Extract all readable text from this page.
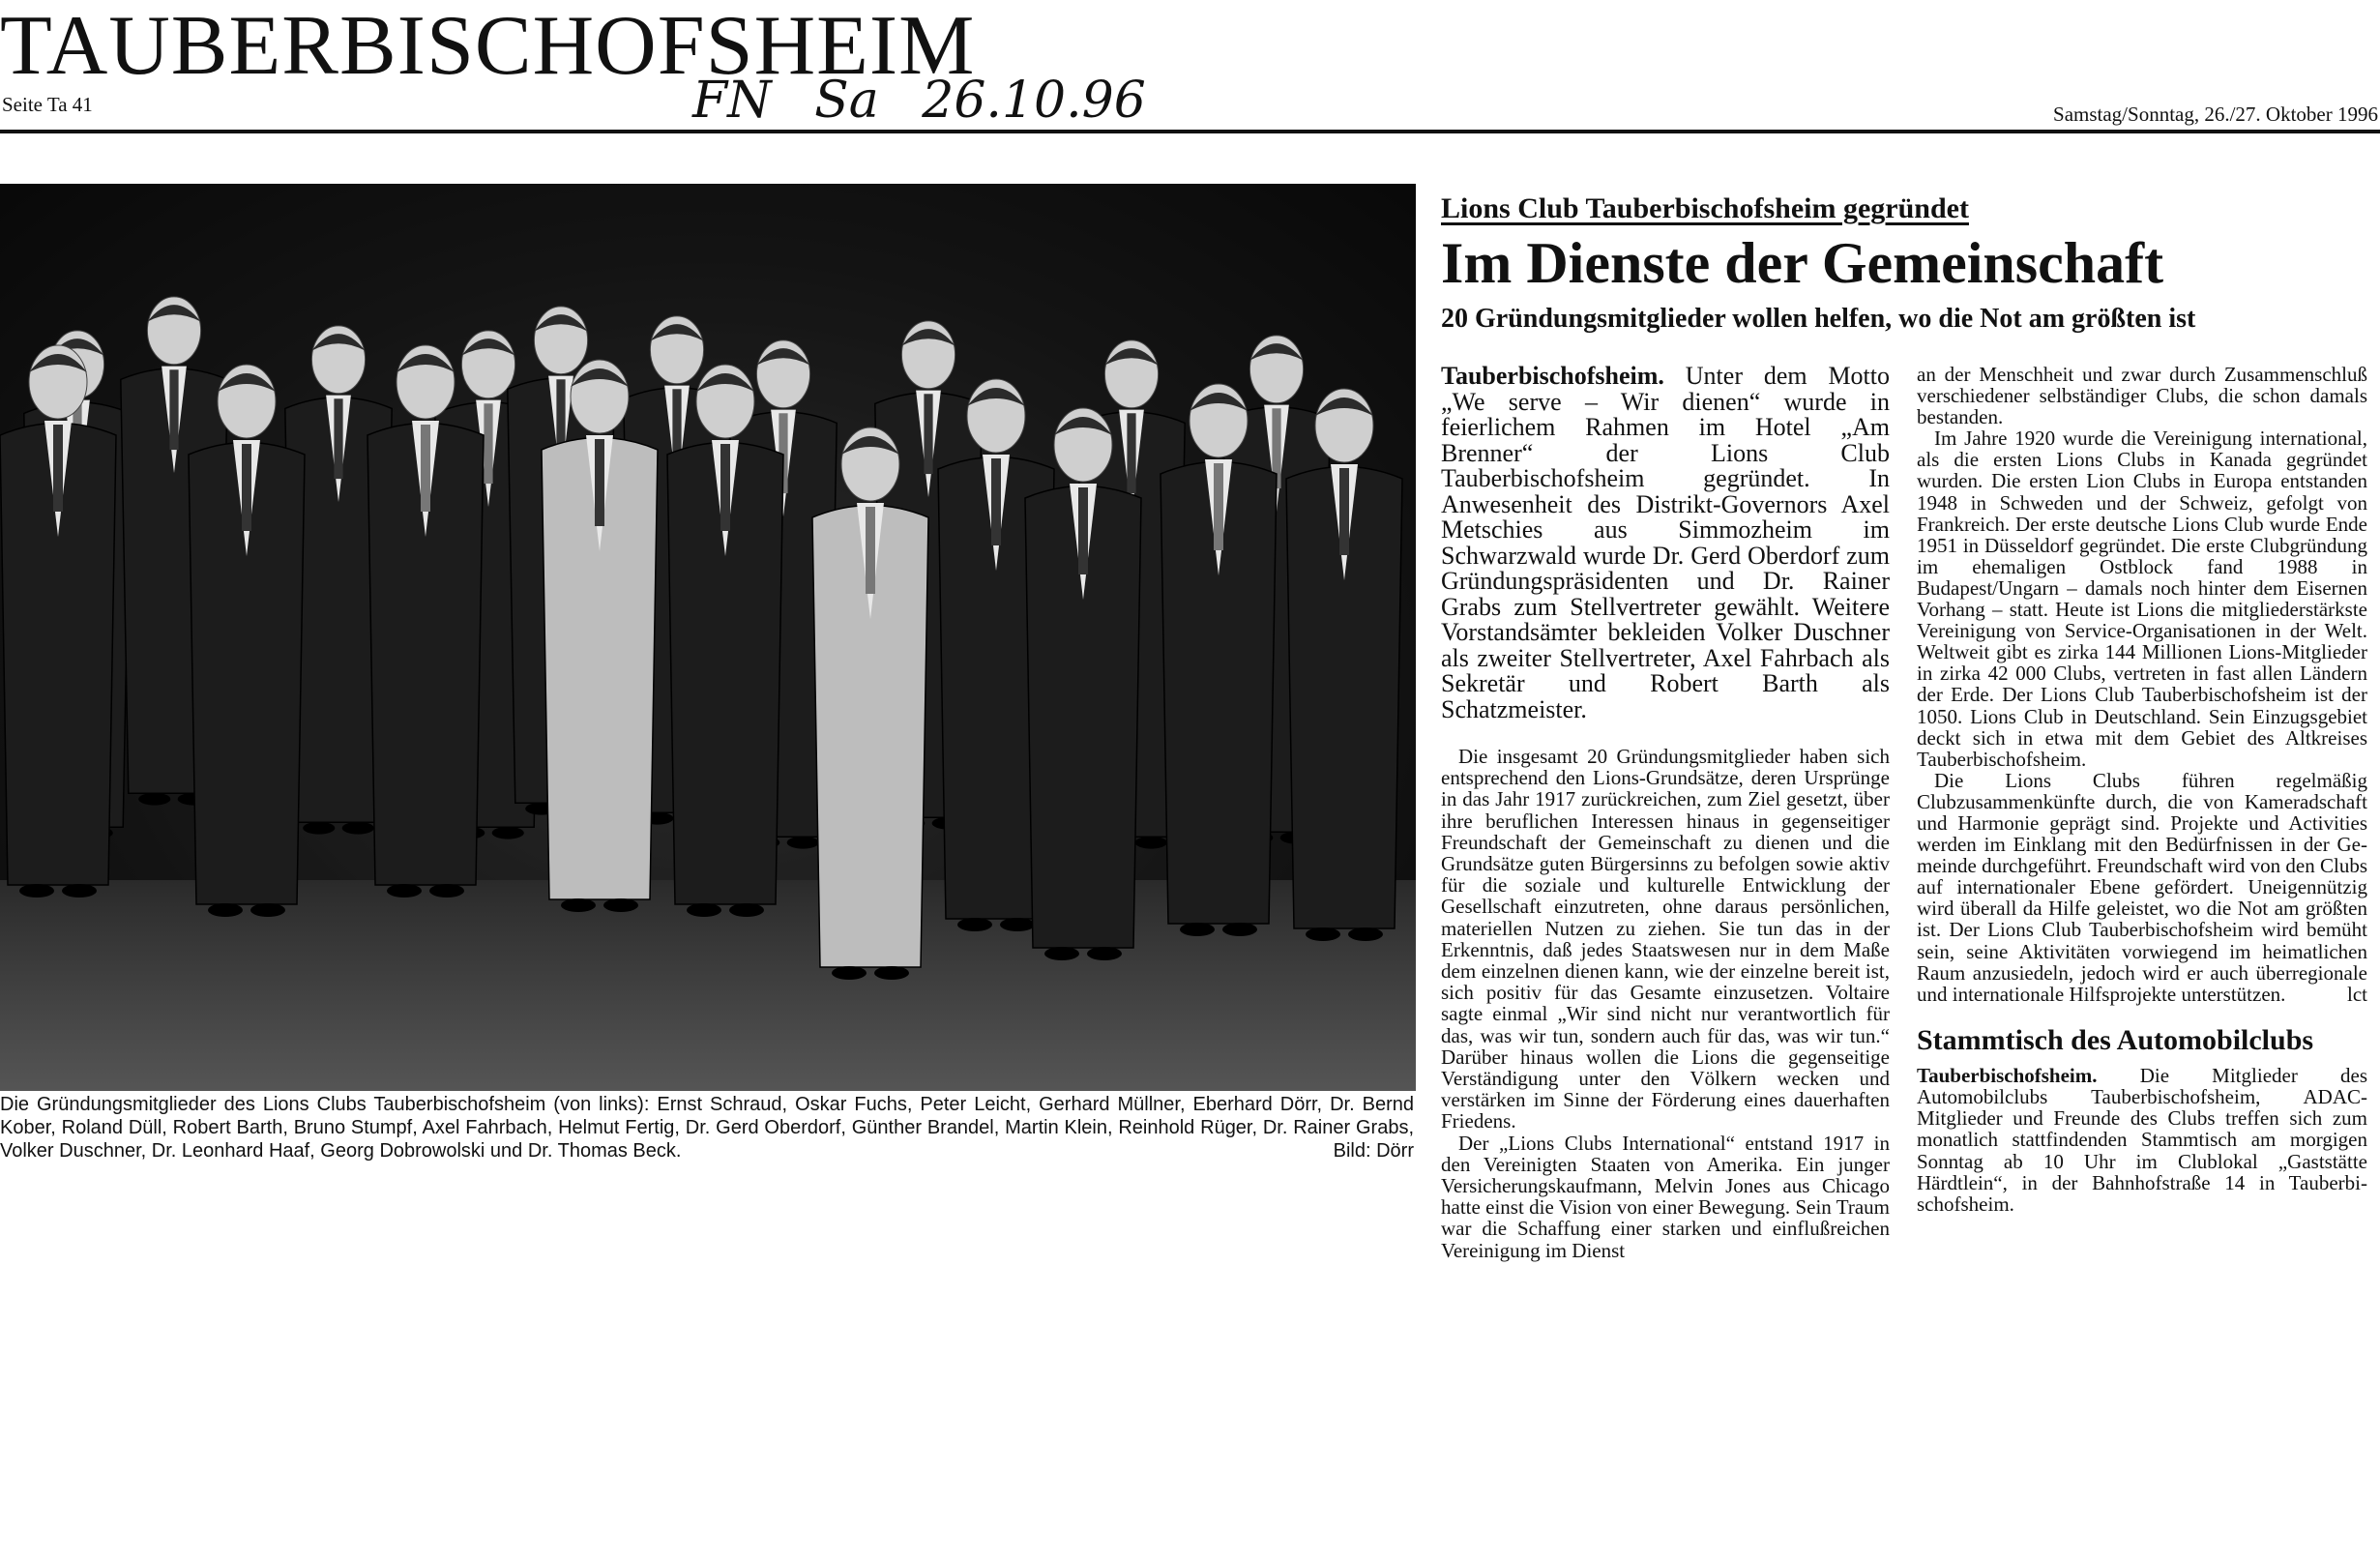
TAUBERBISCHOFSHEIM
Seite Ta 41	FN Sa 26.10.96	Samstag/Sonntag, 26./27. Oktober 1996
Die Gründungsmitglieder des Lions Clubs Tauberbischofsheim (von links): Ernst Schraud, Oskar Fuchs, Peter Leicht, Gerhard Müllner, Eberhard Dörr, Dr. Bernd Kober, Roland Düll, Robert Barth, Bruno Stumpf, Axel Fahrbach, Helmut Fertig, Dr. Gerd Oberdorf, Günther Brandel, Martin Klein, Reinhold Rüger, Dr. Rainer Grabs, Volker Duschner, Dr. Leonhard Haaf, Georg Dobrowolski und Dr. Thomas Beck.	Bild: Dörr
Lions Club Tauberbischofsheim gegründet
Im Dienste der Gemeinschaft
20 Gründungsmitglieder wollen helfen, wo die Not am größten ist

Tauberbischofsheim. Unter dem Motto „We serve – Wir dienen“ wurde in feierlichem Rahmen im Hotel „Am Brenner“ der Lions Club Tauberbischofsheim gegründet. In Anwesenheit des Distrikt-Governors Axel Metschies aus Simmozheim im Schwarzwald wurde Dr. Gerd Oberdorf zum Gründungspräsidenten und Dr. Rainer Grabs zum Stellvertreter gewählt. Weitere Vorstandsämter bekleiden Volker Duschner als zweiter Stellvertreter, Axel Fahrbach als Sekretär und Robert Barth als Schatzmeister.

Die insgesamt 20 Gründungsmitglieder haben sich entsprechend den Lions-Grundsätze, deren Ursprünge in das Jahr 1917 zurückreichen, zum Ziel gesetzt, über ihre beruflichen Interessen hinaus in gegenseitiger Freundschaft der Gemeinschaft zu dienen und die Grundsätze guten Bürgersinns zu befolgen sowie aktiv für die soziale und kulturelle Entwicklung der Gesellschaft einzutreten, ohne daraus persönlichen, materiellen Nutzen zu ziehen. Sie tun das in der Erkenntnis, daß jedes Staatswesen nur in dem Maße dem einzelnen dienen kann, wie der einzelne bereit ist, sich positiv für das Gesamte einzusetzen. Voltaire sagte einmal „Wir sind nicht nur verantwortlich für das, was wir tun, sondern auch für das, was wir tun.“ Darüber hinaus wollen die Lions die gegenseitige Verständigung unter den Völkern wecken und verstärken im Sinne der Förderung eines dauerhaften Friedens.

Der „Lions Clubs International“ entstand 1917 in den Vereinigten Staaten von Amerika. Ein junger Versicherungskaufmann, Melvin Jones aus Chicago hatte einst die Vision von einer Bewegung. Sein Traum war die Schaffung einer starken und einflußreichen Vereinigung im Dienst

an der Menschheit und zwar durch Zusammenschluß verschiedener selbständiger Clubs, die schon damals bestanden.

Im Jahre 1920 wurde die Vereinigung international, als die ersten Lions Clubs in Kanada gegründet wurden. Die ersten Lion Clubs in Europa entstanden 1948 in Schweden und der Schweiz, gefolgt von Frankreich. Der erste deutsche Lions Club wurde Ende 1951 in Düsseldorf gegründet. Die erste Clubgründung im ehemaligen Ostblock fand 1988 in Budapest/Ungarn – damals noch hinter dem Eisernen Vorhang – statt. Heute ist Lions die mitgliederstärkste Vereinigung von Service-Organisationen in der Welt. Weltweit gibt es zirka 144 Millionen Lions-Mitglieder in zirka 42 000 Clubs, vertreten in fast allen Ländern der Erde. Der Lions Club Tauberbischofsheim ist der 1050. Lions Club in Deutschland. Sein Einzugsgebiet deckt sich in etwa mit dem Gebiet des Altkreises Tauberbischofsheim.

Die Lions Clubs führen regelmäßig Clubzusammenkünfte durch, die von Kameradschaft und Harmonie geprägt sind. Projekte und Activities werden im Einklang mit den Bedürfnissen in der Gemeinde durchgeführt. Freundschaft wird von den Clubs auf internationaler Ebene gefördert. Uneigennützig wird überall da Hilfe geleistet, wo die Not am größten ist. Der Lions Club Tauberbischofsheim wird bemüht sein, seine Aktivitäten vorwiegend im heimatlichen Raum anzusiedeln, jedoch wird er auch überregionale und internationale Hilfsprojekte unterstützen.	lct

Stammtisch des Automobilclubs

Tauberbischofsheim. Die Mitglieder des Automobilclubs Tauberbischofsheim, ADAC-Mitglieder und Freunde des Clubs treffen sich zum monatlich stattfindenden Stammtisch am morgigen Sonntag ab 10 Uhr im Clublokal „Gaststätte Härdtlein“, in der Bahnhofstraße 14 in Tauberbischofsheim.
